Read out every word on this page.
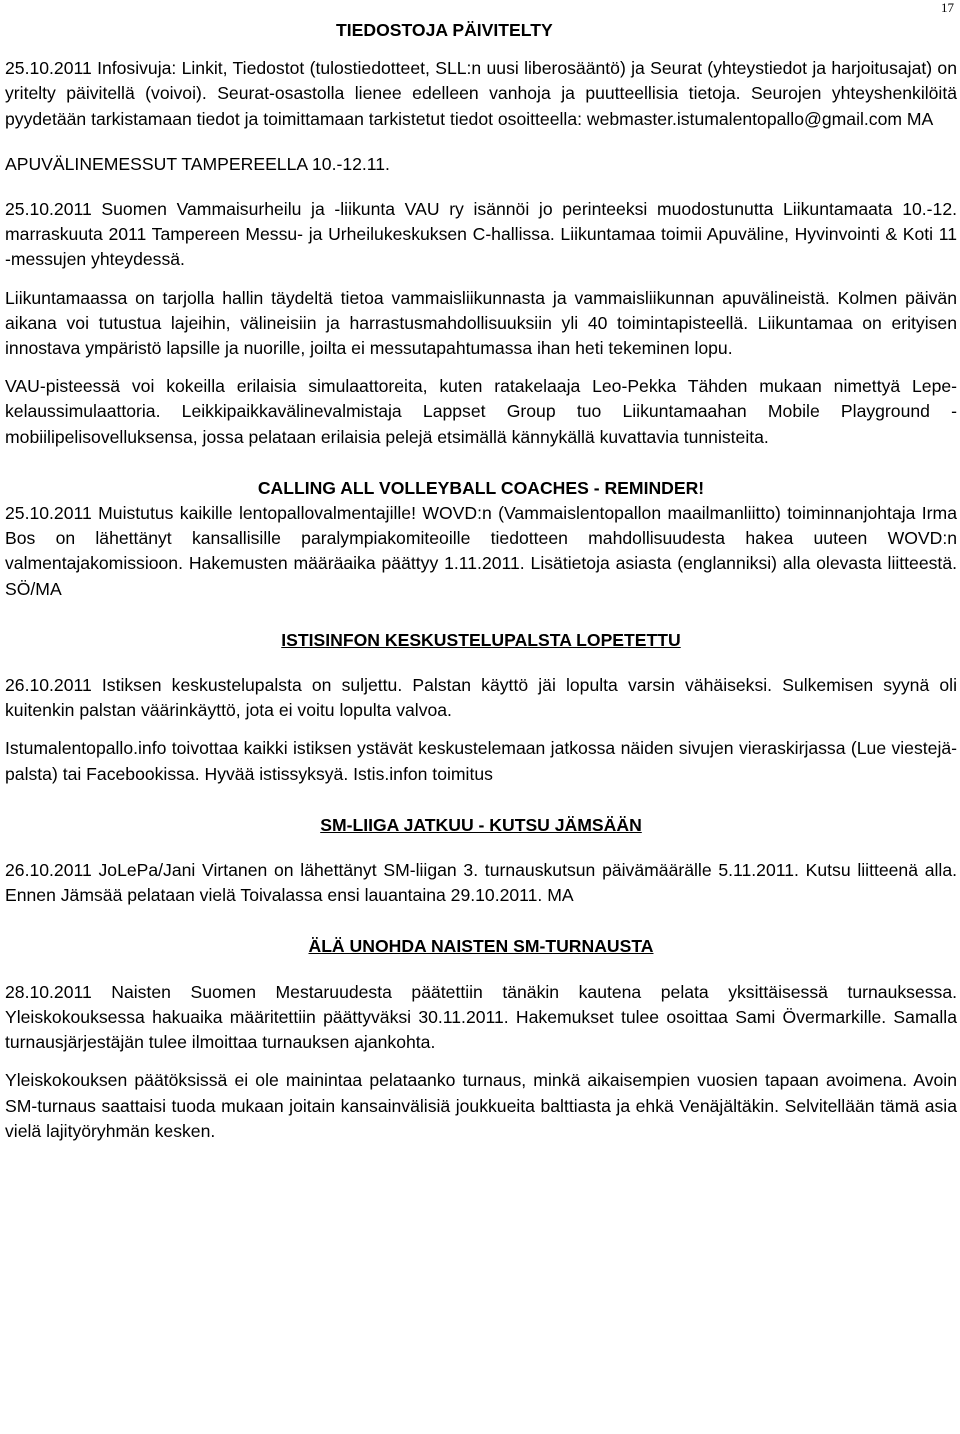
17
TIEDOSTOJA PÄIVITELTY

25.10.2011 Infosivuja: Linkit, Tiedostot (tulostiedotteet, SLL:n uusi liberosääntö) ja Seurat (yhteystiedot ja harjoitusajat) on yritelty päivitellä (voivoi). Seurat-osastolla lienee edelleen vanhoja ja puutteellisia tietoja. Seurojen yhteyshenkilöitä pyydetään tarkistamaan tiedot ja toimittamaan tarkistetut tiedot osoitteella: webmaster.istumalentopallo@gmail.com MA

APUVÄLINEMESSUT TAMPEREELLA 10.-12.11.

25.10.2011 Suomen Vammaisurheilu ja -liikunta VAU ry isännöi jo perinteeksi muodostunutta Liikuntamaata 10.-12. marraskuuta 2011 Tampereen Messu- ja Urheilukeskuksen C-hallissa. Liikuntamaa toimii Apuväline, Hyvinvointi & Koti 11 -messujen yhteydessä.

Liikuntamaassa on tarjolla hallin täydeltä tietoa vammaisliikunnasta ja vammaisliikunnan apuvälineistä. Kolmen päivän aikana voi tutustua lajeihin, välineisiin ja harrastusmahdollisuuksiin yli 40 toimintapisteellä. Liikuntamaa on erityisen innostava ympäristö lapsille ja nuorille, joilta ei messutapahtumassa ihan heti tekeminen lopu.

VAU-pisteessä voi kokeilla erilaisia simulaattoreita, kuten ratakelaaja Leo-Pekka Tähden mukaan nimettyä Lepe-kelaussimulaattoria. Leikkipaikkavälinevalmistaja Lappset Group tuo Liikuntamaahan Mobile Playground -mobiilipelisovelluksensa, jossa pelataan erilaisia pelejä etsimällä kännykällä kuvattavia tunnisteita.

CALLING ALL VOLLEYBALL COACHES - REMINDER!

25.10.2011 Muistutus kaikille lentopallovalmentajille! WOVD:n (Vammaislentopallon maailmanliitto) toiminnanjohtaja Irma Bos on lähettänyt kansallisille paralympiakomiteoille tiedotteen mahdollisuudesta hakea uuteen WOVD:n valmentajakomissioon. Hakemusten määräaika päättyy 1.11.2011. Lisätietoja asiasta (englanniksi) alla olevasta liitteestä. SÖ/MA

ISTISINFON KESKUSTELUPALSTA LOPETETTU

26.10.2011 Istiksen keskustelupalsta on suljettu. Palstan käyttö jäi lopulta varsin vähäiseksi. Sulkemisen syynä oli kuitenkin palstan väärinkäyttö, jota ei voitu lopulta valvoa.

Istumalentopallo.info toivottaa kaikki istiksen ystävät keskustelemaan jatkossa näiden sivujen vieraskirjassa (Lue viestejä-palsta) tai Facebookissa. Hyvää istissyksyä. Istis.infon toimitus

SM-LIIGA JATKUU - KUTSU JÄMSÄÄN

26.10.2011 JoLePa/Jani Virtanen on lähettänyt SM-liigan 3. turnauskutsun päivämäärälle 5.11.2011. Kutsu liitteenä alla. Ennen Jämsää pelataan vielä Toivalassa ensi lauantaina 29.10.2011. MA

ÄLÄ UNOHDA NAISTEN SM-TURNAUSTA

28.10.2011 Naisten Suomen Mestaruudesta päätettiin tänäkin kautena pelata yksittäisessä turnauksessa. Yleiskokouksessa hakuaika määritettiin päättyväksi 30.11.2011. Hakemukset tulee osoittaa Sami Övermarkille. Samalla turnausjärjestäjän tulee ilmoittaa turnauksen ajankohta.

Yleiskokouksen päätöksissä ei ole mainintaa pelataanko turnaus, minkä aikaisempien vuosien tapaan avoimena. Avoin SM-turnaus saattaisi tuoda mukaan joitain kansainvälisiä joukkueita balttiasta ja ehkä Venäjältäkin. Selvitellään tämä asia vielä lajityöryhmän kesken.
